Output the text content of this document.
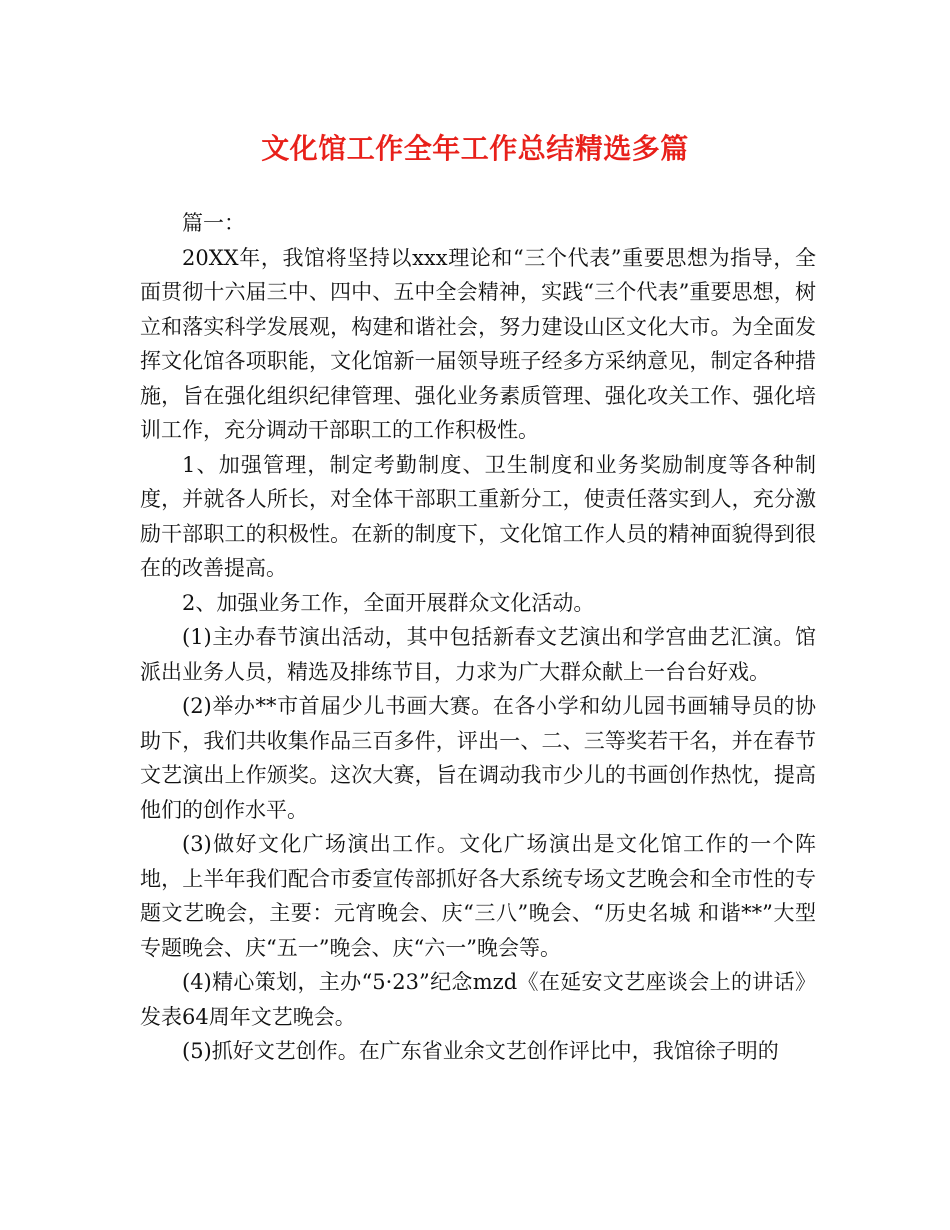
文化馆工作全年工作总结精选多篇

篇一：

20XX年，我馆将坚持以xxx理论和“三个代表”重要思想为指导，全面贯彻十六届三中、四中、五中全会精神，实践“三个代表”重要思想，树立和落实科学发展观，构建和谐社会，努力建设山区文化大市。为全面发挥文化馆各项职能，文化馆新一届领导班子经多方采纳意见，制定各种措施，旨在强化组织纪律管理、强化业务素质管理、强化攻关工作、强化培训工作，充分调动干部职工的工作积极性。

1、加强管理，制定考勤制度、卫生制度和业务奖励制度等各种制度，并就各人所长，对全体干部职工重新分工，使责任落实到人，充分激励干部职工的积极性。在新的制度下，文化馆工作人员的精神面貌得到很在的改善提高。

2、加强业务工作，全面开展群众文化活动。

(1)主办春节演出活动，其中包括新春文艺演出和学宫曲艺汇演。馆派出业务人员，精选及排练节目，力求为广大群众献上一台台好戏。

(2)举办**市首届少儿书画大赛。在各小学和幼儿园书画辅导员的协助下，我们共收集作品三百多件，评出一、二、三等奖若干名，并在春节文艺演出上作颁奖。这次大赛，旨在调动我市少儿的书画创作热忱，提高他们的创作水平。

(3)做好文化广场演出工作。文化广场演出是文化馆工作的一个阵地，上半年我们配合市委宣传部抓好各大系统专场文艺晚会和全市性的专题文艺晚会，主要：元宵晚会、庆“三八”晚会、“历史名城 和谐**”大型专题晚会、庆“五一”晚会、庆“六一”晚会等。

(4)精心策划，主办“5·23”纪念mzd《在延安文艺座谈会上的讲话》发表64周年文艺晚会。

(5)抓好文艺创作。在广东省业余文艺创作评比中，我馆徐子明的
